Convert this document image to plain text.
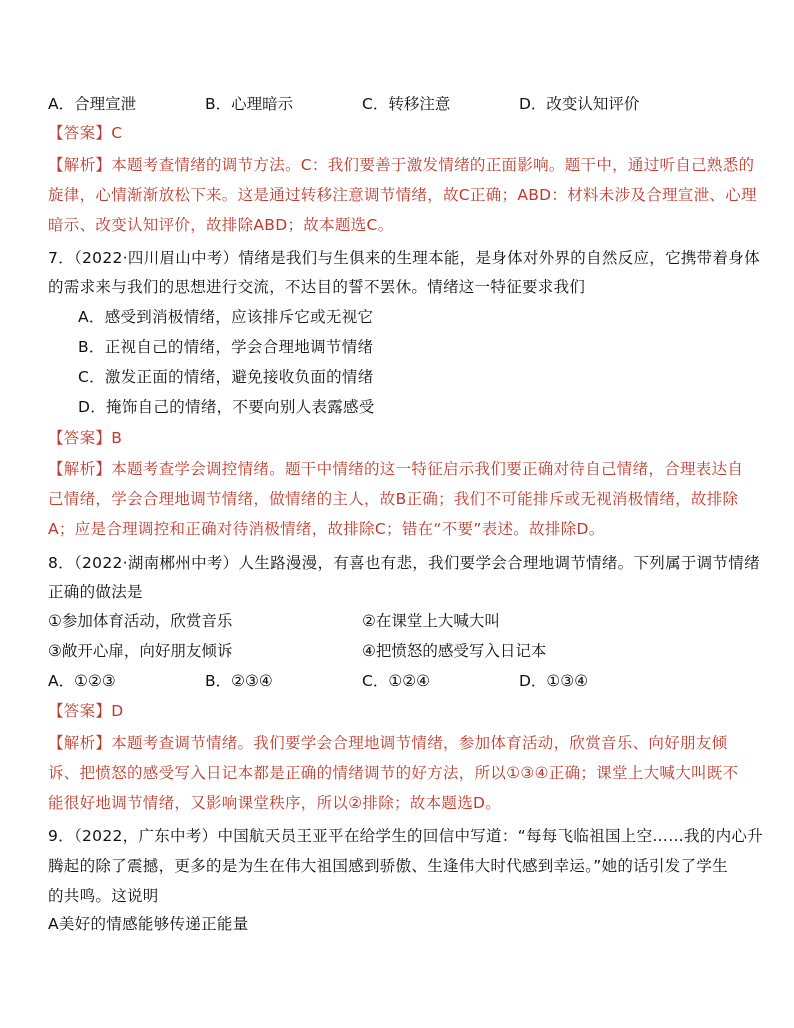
A．合理宣泄	B．心理暗示	C．转移注意	D．改变认知评价
【答案】C
【解析】本题考查情绪的调节方法。C：我们要善于激发情绪的正面影响。题干中，通过听自己熟悉的
旋律，心情渐渐放松下来。这是通过转移注意调节情绪，故C正确；ABD：材料未涉及合理宣泄、心理
暗示、改变认知评价，故排除ABD；故本题选C。
7．（2022·四川眉山中考）情绪是我们与生俱来的生理本能，是身体对外界的自然反应，它携带着身体
的需求来与我们的思想进行交流，不达目的誓不罢休。情绪这一特征要求我们
A．感受到消极情绪，应该排斥它或无视它
B．正视自己的情绪，学会合理地调节情绪
C．激发正面的情绪，避免接收负面的情绪
D．掩饰自己的情绪，不要向别人表露感受
【答案】B
【解析】本题考查学会调控情绪。题干中情绪的这一特征启示我们要正确对待自己情绪，合理表达自
己情绪，学会合理地调节情绪，做情绪的主人，故B正确；我们不可能排斥或无视消极情绪，故排除
A；应是合理调控和正确对待消极情绪，故排除C；错在“不要”表述。故排除D。
8．（2022·湖南郴州中考）人生路漫漫，有喜也有悲，我们要学会合理地调节情绪。下列属于调节情绪
正确的做法是
①参加体育活动，欣赏音乐	②在课堂上大喊大叫
③敞开心扉，向好朋友倾诉	④把愤怒的感受写入日记本
A．①②③	B．②③④	C．①②④	D．①③④
【答案】D
【解析】本题考查调节情绪。我们要学会合理地调节情绪，参加体育活动，欣赏音乐、向好朋友倾
诉、把愤怒的感受写入日记本都是正确的情绪调节的好方法，所以①③④正确；课堂上大喊大叫既不
能很好地调节情绪，又影响课堂秩序，所以②排除；故本题选D。
9．（2022，广东中考）中国航天员王亚平在给学生的回信中写道：“每每飞临祖国上空……我的内心升
腾起的除了震撼，更多的是为生在伟大祖国感到骄傲、生逢伟大时代感到幸运。”她的话引发了学生
的共鸣。这说明
A美好的情感能够传递正能量
